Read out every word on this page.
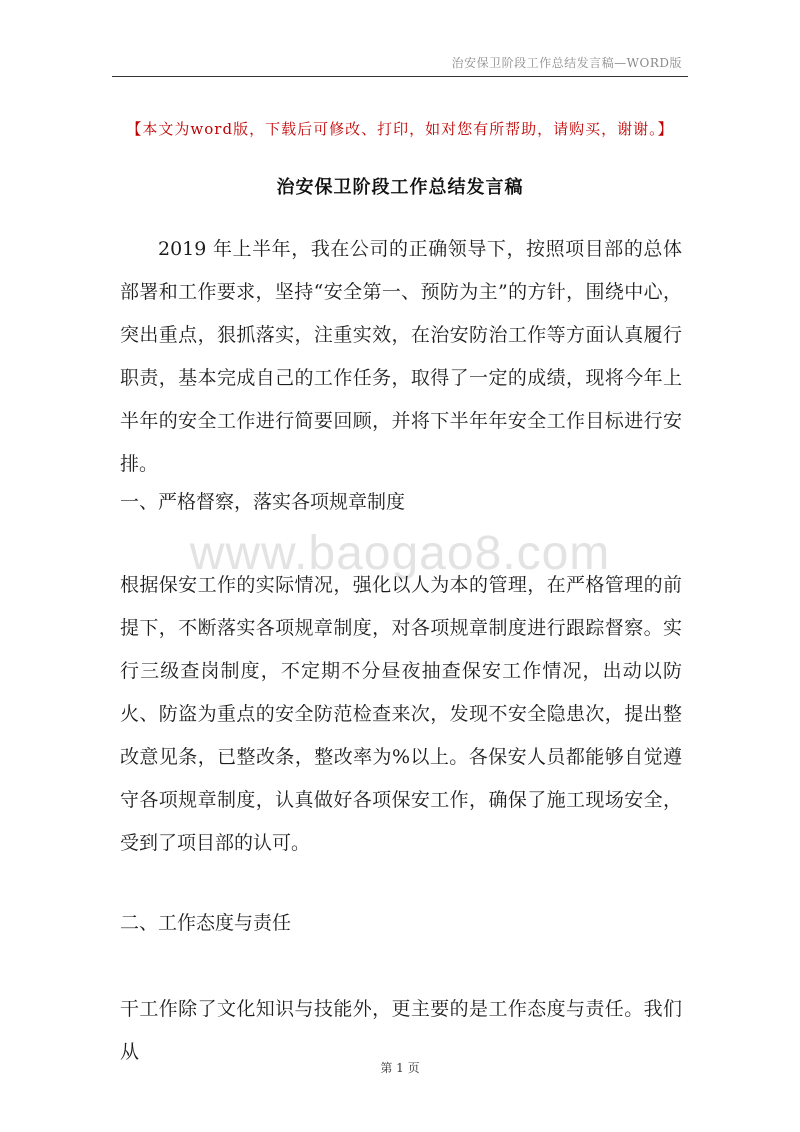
治安保卫阶段工作总结发言稿—WORD版
【本文为word版，下载后可修改、打印，如对您有所帮助，请购买，谢谢。】
治安保卫阶段工作总结发言稿
2019 年上半年，我在公司的正确领导下，按照项目部的总体部署和工作要求，坚持“安全第一、预防为主”的方针，围绕中心，突出重点，狠抓落实，注重实效，在治安防治工作等方面认真履行职责，基本完成自己的工作任务，取得了一定的成绩，现将今年上半年的安全工作进行简要回顾，并将下半年年安全工作目标进行安排。
一、严格督察，落实各项规章制度
www.baogao8.com
根据保安工作的实际情况，强化以人为本的管理，在严格管理的前提下，不断落实各项规章制度，对各项规章制度进行跟踪督察。实行三级查岗制度，不定期不分昼夜抽查保安工作情况，出动以防火、防盗为重点的安全防范检查来次，发现不安全隐患次，提出整改意见条，已整改条，整改率为%以上。各保安人员都能够自觉遵守各项规章制度，认真做好各项保安工作，确保了施工现场安全，受到了项目部的认可。
二、工作态度与责任
干工作除了文化知识与技能外，更主要的是工作态度与责任。我们从
第 1 页
